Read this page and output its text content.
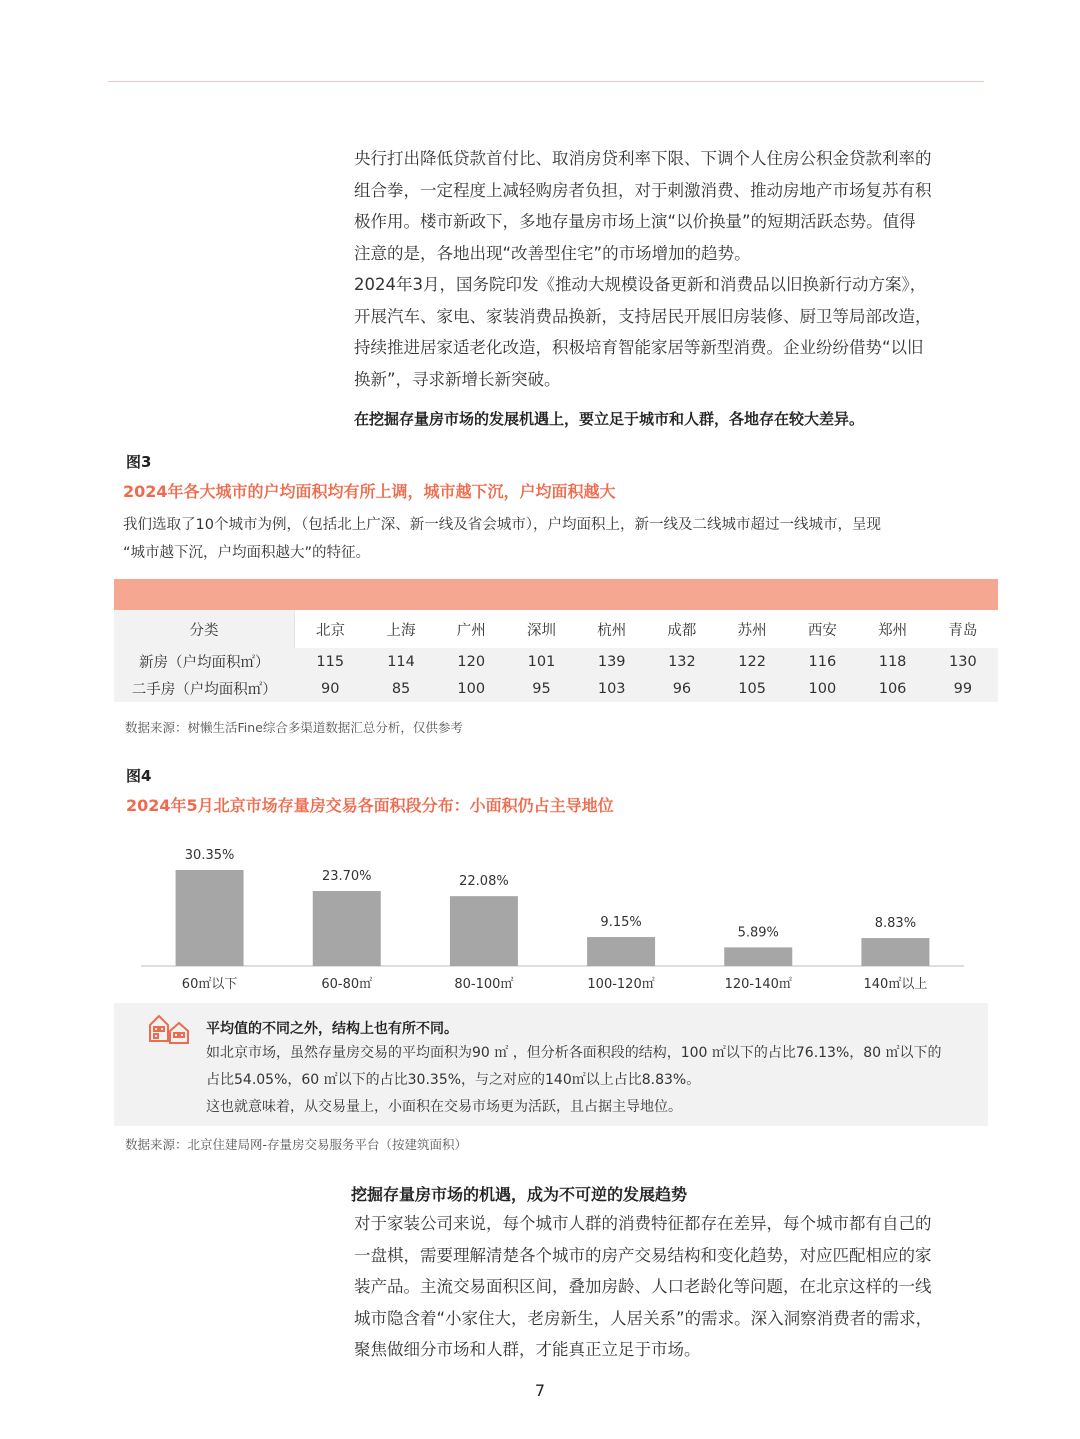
央行打出降低贷款首付比、取消房贷利率下限、下调个人住房公积金贷款利率的
组合拳，一定程度上减轻购房者负担，对于刺激消费、推动房地产市场复苏有积
极作用。楼市新政下，多地存量房市场上演“以价换量”的短期活跃态势。值得
注意的是，各地出现“改善型住宅”的市场增加的趋势。
2024年3月，国务院印发《推动大规模设备更新和消费品以旧换新行动方案》，
开展汽车、家电、家装消费品换新，支持居民开展旧房装修、厨卫等局部改造，
持续推进居家适老化改造，积极培育智能家居等新型消费。企业纷纷借势“以旧
换新”，寻求新增长新突破。
在挖掘存量房市场的发展机遇上，要立足于城市和人群，各地存在较大差异。
图3
2024年各大城市的户均面积均有所上调，城市越下沉，户均面积越大
我们选取了10个城市为例，（包括北上广深、新一线及省会城市），户均面积上，新一线及二线城市超过一线城市，呈现
“城市越下沉，户均面积越大”的特征。
分类	北京	上海	广州	深圳	杭州	成都	苏州	西安	郑州	青岛
新房（户均面积㎡）	115	114	120	101	139	132	122	116	118	130
二手房（户均面积㎡）	90	85	100	95	103	96	105	100	106	99
数据来源：树懒生活Fine综合多渠道数据汇总分析，仅供参考
图4
2024年5月北京市场存量房交易各面积段分布：小面积仍占主导地位
30.35%
60㎡以下
23.70%
60-80㎡
22.08%
80-100㎡
9.15%
100-120㎡
5.89%
120-140㎡
8.83%
140㎡以上
平均值的不同之外，结构上也有所不同。
如北京市场，虽然存量房交易的平均面积为90 ㎡ ，但分析各面积段的结构，100 ㎡以下的占比76.13%，80 ㎡以下的
占比54.05%，60 ㎡以下的占比30.35%，与之对应的140㎡以上占比8.83%。
这也就意味着，从交易量上，小面积在交易市场更为活跃，且占据主导地位。
数据来源：北京住建局网-存量房交易服务平台（按建筑面积）
挖掘存量房市场的机遇，成为不可逆的发展趋势
对于家装公司来说，每个城市人群的消费特征都存在差异，每个城市都有自己的
一盘棋，需要理解清楚各个城市的房产交易结构和变化趋势，对应匹配相应的家
装产品。主流交易面积区间，叠加房龄、人口老龄化等问题，在北京这样的一线
城市隐含着“小家住大，老房新生，人居关系”的需求。深入洞察消费者的需求，
聚焦做细分市场和人群，才能真正立足于市场。
7
